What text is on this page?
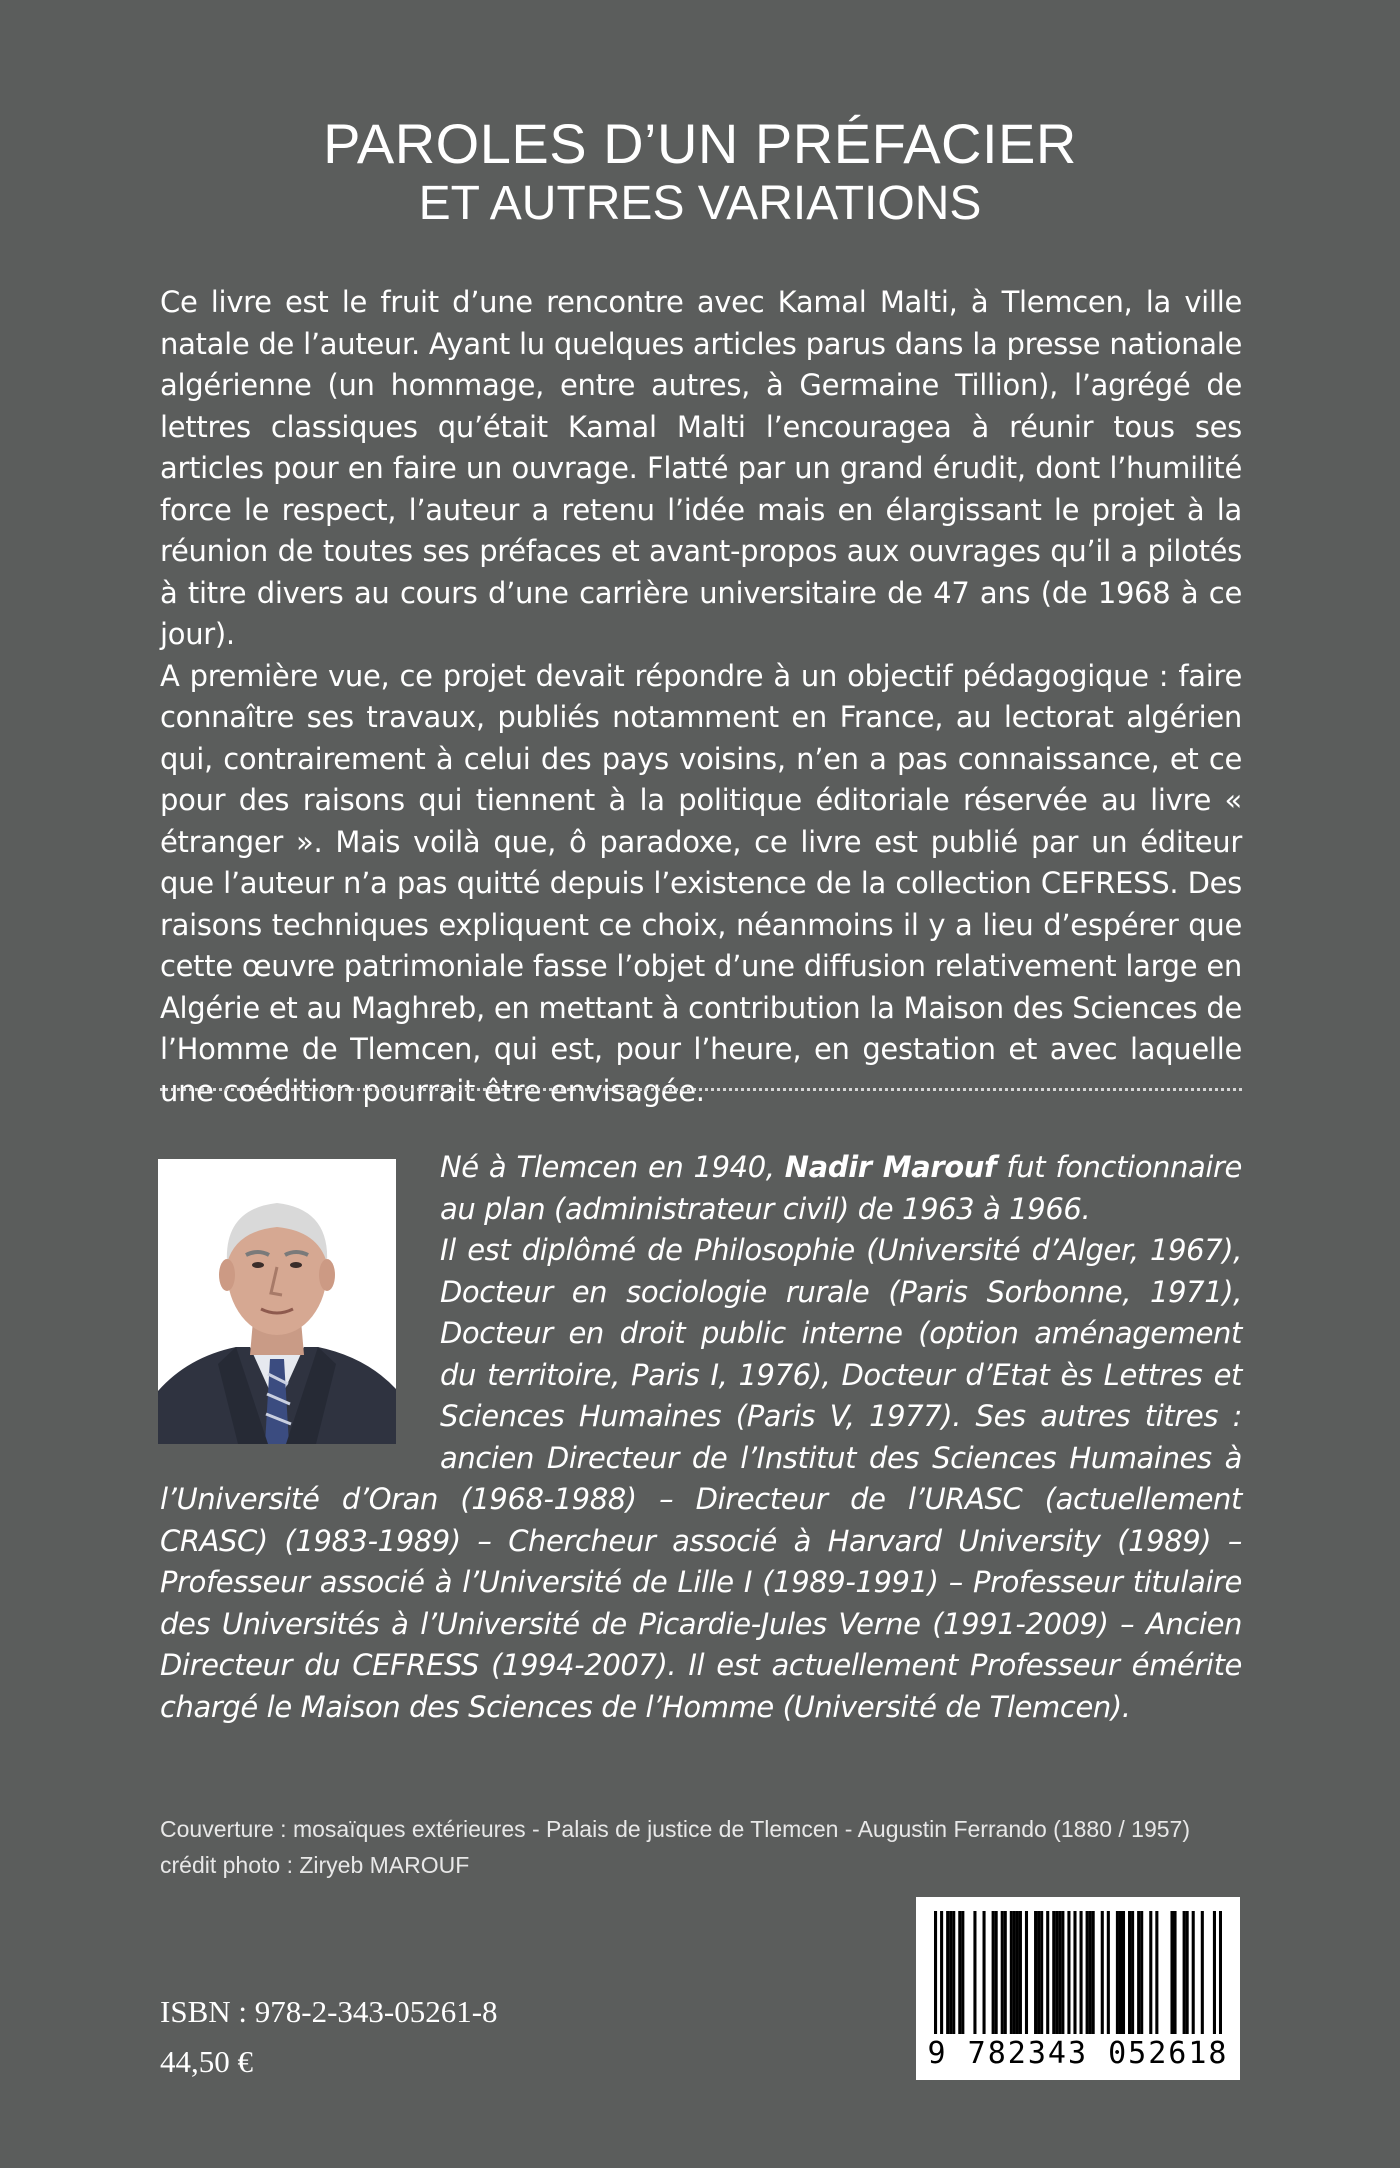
PAROLES D’UN PRÉFACIER
ET AUTRES VARIATIONS

Ce livre est le fruit d’une rencontre avec Kamal Malti, à Tlemcen, la ville natale de l’auteur. Ayant lu quelques articles parus dans la presse nationale algérienne (un hommage, entre autres, à Germaine Tillion), l’agrégé de lettres classiques qu’était Kamal Malti l’encouragea à réunir tous ses articles pour en faire un ouvrage. Flatté par un grand érudit, dont l’humilité force le respect, l’auteur a retenu l’idée mais en élargissant le projet à la réunion de toutes ses préfaces et avant-propos aux ouvrages qu’il a pilotés à titre divers au cours d’une carrière universitaire de 47 ans (de 1968 à ce jour).

A première vue, ce projet devait répondre à un objectif pédagogique : faire connaître ses travaux, publiés notamment en France, au lectorat algérien qui, contrairement à celui des pays voisins, n’en a pas connaissance, et ce pour des raisons qui tiennent à la politique éditoriale réservée au livre « étranger ». Mais voilà que, ô paradoxe, ce livre est publié par un éditeur que l’auteur n’a pas quitté depuis l’existence de la collection CEFRESS. Des raisons techniques expliquent ce choix, néanmoins il y a lieu d’espérer que cette œuvre patrimoniale fasse l’objet d’une diffusion relativement large en Algérie et au Maghreb, en mettant à contribution la Maison des Sciences de l’Homme de Tlemcen, qui est, pour l’heure, en gestation et avec laquelle une coédition pourrait être envisagée.

Né à Tlemcen en 1940, Nadir Marouf fut fonctionnaire au plan (administrateur civil) de 1963 à 1966.
Il est diplômé de Philosophie (Université d’Alger, 1967), Docteur en sociologie rurale (Paris Sorbonne, 1971), Docteur en droit public interne (option aménagement du territoire, Paris I, 1976), Docteur d’Etat ès Lettres et Sciences Humaines (Paris V, 1977). Ses autres titres : ancien Directeur de l’Institut des Sciences Humaines à l’Université d’Oran (1968-1988) – Directeur de l’URASC (actuellement CRASC) (1983-1989) – Chercheur associé à Harvard University (1989) – Professeur associé à l’Université de Lille I (1989-1991) – Professeur titulaire des Universités à l’Université de Picardie-Jules Verne (1991-2009) – Ancien Directeur du CEFRESS (1994-2007). Il est actuellement Professeur émérite chargé le Maison des Sciences de l’Homme (Université de Tlemcen).
Couverture : mosaïques extérieures - Palais de justice de Tlemcen - Augustin Ferrando (1880 / 1957)
crédit photo : Ziryeb MAROUF
ISBN : 978-2-343-05261-8
44,50 €	9 782343 052618
